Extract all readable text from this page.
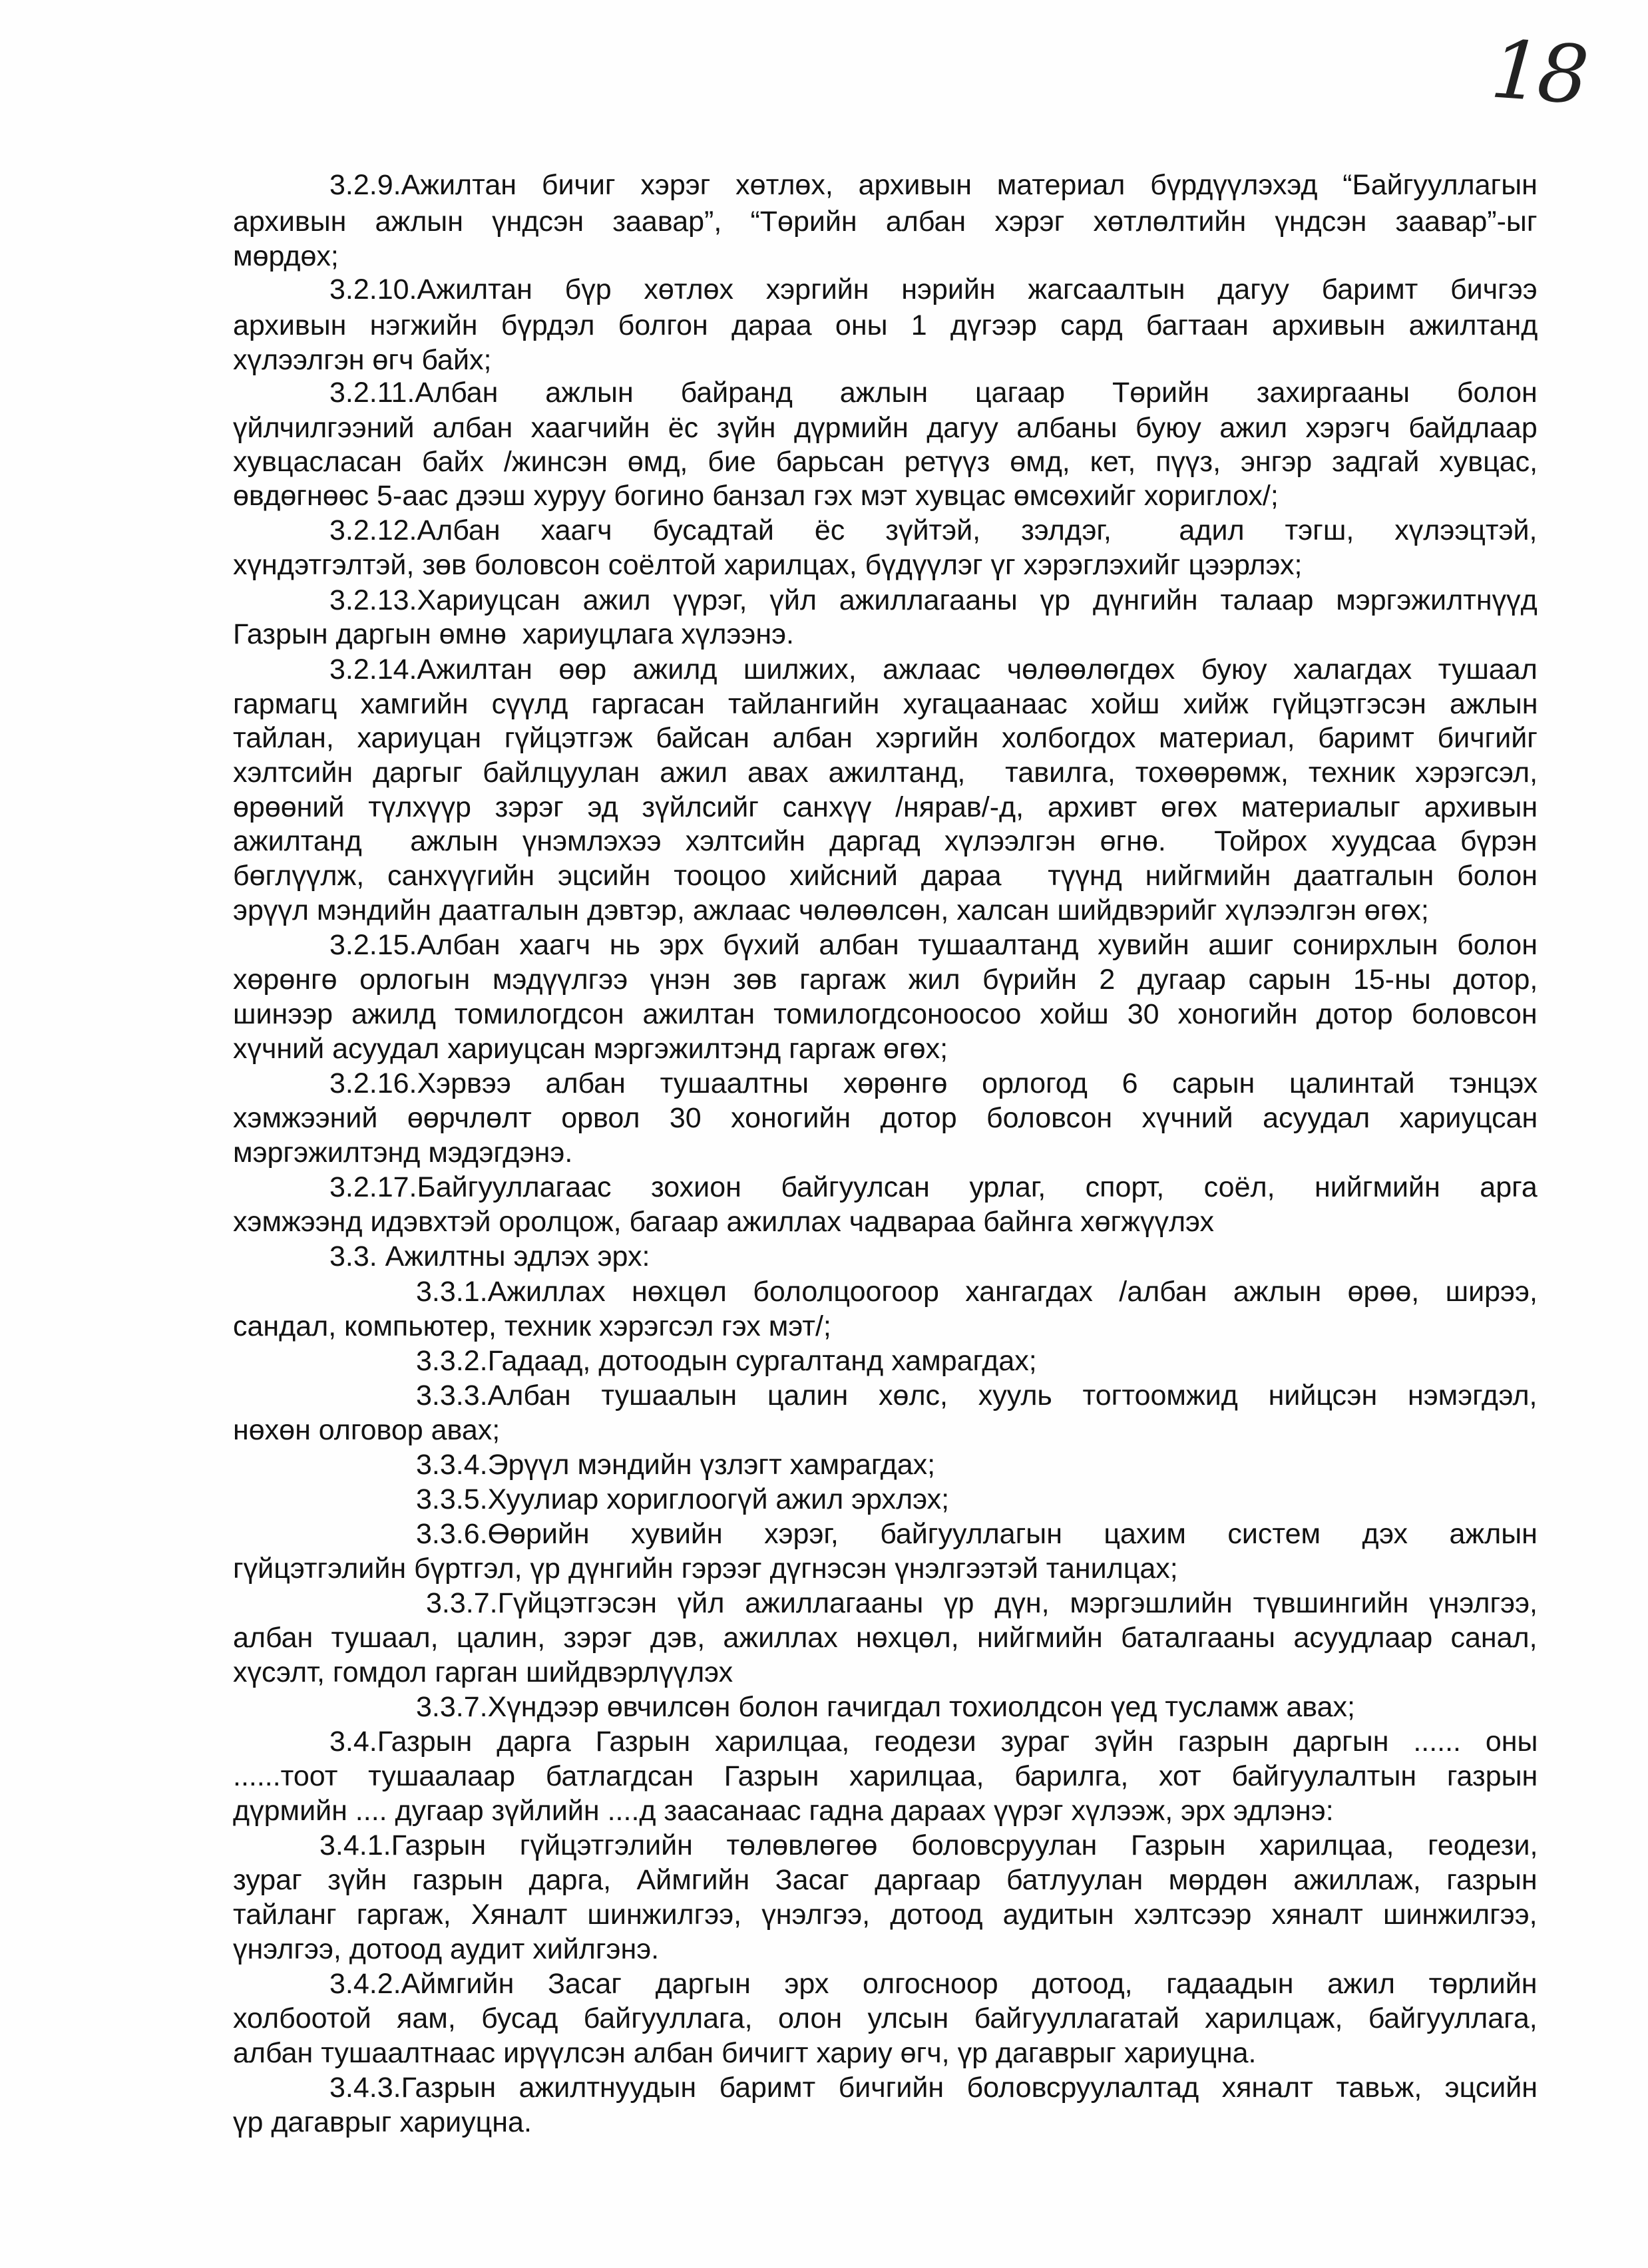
18
3.2.9.Ажилтан бичиг хэрэг хөтлөх, архивын материал бүрдүүлэхэд “Байгууллагын
архивын ажлын үндсэн заавар”, “Төрийн албан хэрэг хөтлөлтийн үндсэн заавар”-ыг
мөрдөх;
3.2.10.Ажилтан бүр хөтлөх хэргийн нэрийн жагсаалтын дагуу баримт бичгээ
архивын нэгжийн бүрдэл болгон дараа оны 1 дүгээр сард багтаан архивын ажилтанд
хүлээлгэн өгч байх;
3.2.11.Албан  ажлын  байранд  ажлын  цагаар  Төрийн  захиргааны  болон
үйлчилгээний албан хаагчийн ёс зүйн дүрмийн дагуу албаны буюу ажил хэрэгч байдлаар
хувцасласан байх /жинсэн өмд, бие барьсан ретүүз өмд, кет, пүүз, энгэр задгай хувцас,
өвдөгнөөс 5-аас дээш хуруу богино банзал гэх мэт хувцас өмсөхийг хориглох/;
3.2.12.Албан   хаагч   бусадтай   ёс   зүйтэй,   зэлдэг,     адил   тэгш,   хүлээцтэй,
хүндэтгэлтэй, зөв боловсон соёлтой харилцах, бүдүүлэг үг хэрэглэхийг цээрлэх;
3.2.13.Хариуцсан ажил үүрэг, үйл ажиллагааны үр дүнгийн талаар мэргэжилтнүүд
Газрын даргын өмнө  хариуцлага хүлээнэ.
3.2.14.Ажилтан өөр ажилд шилжих, ажлаас чөлөөлөгдөх буюу халагдах тушаал
гармагц хамгийн сүүлд гаргасан тайлангийн хугацаанаас хойш хийж гүйцэтгэсэн ажлын
тайлан, хариуцан гүйцэтгэж байсан албан хэргийн холбогдох материал, баримт бичгийг
хэлтсийн даргыг байлцуулан ажил авах ажилтанд,  тавилга, тохөөрөмж, техник хэрэгсэл,
өрөөний түлхүүр зэрэг эд зүйлсийг санхүү /нярав/-д, архивт өгөх материалыг архивын
ажилтанд  ажлын үнэмлэхээ хэлтсийн даргад хүлээлгэн өгнө.  Тойрох хуудсаа бүрэн
бөглүүлж, санхүүгийн эцсийн тооцоо хийсний дараа  түүнд нийгмийн даатгалын болон
эрүүл мэндийн даатгалын дэвтэр, ажлаас чөлөөлсөн, халсан шийдвэрийг хүлээлгэн өгөх;
3.2.15.Албан хаагч нь эрх бүхий албан тушаалтанд хувийн ашиг сонирхлын болон
хөрөнгө орлогын мэдүүлгээ үнэн зөв гаргаж жил бүрийн 2 дугаар сарын 15-ны дотор,
шинээр ажилд томилогдсон ажилтан томилогдсоноосоо хойш 30 хоногийн дотор боловсон
хүчний асуудал хариуцсан мэргэжилтэнд гаргаж өгөх;
3.2.16.Хэрвээ  албан  тушаалтны  хөрөнгө  орлогод  6  сарын  цалинтай  тэнцэх
хэмжээний өөрчлөлт орвол 30 хоногийн дотор боловсон хүчний асуудал хариуцсан
мэргэжилтэнд мэдэгдэнэ.
3.2.17.Байгууллагаас  зохион  байгуулсан  урлаг,  спорт,  соёл,  нийгмийн  арга
хэмжээнд идэвхтэй оролцож, багаар ажиллах чадвараа байнга хөгжүүлэх
3.3. Ажилтны эдлэх эрх:
3.3.1.Ажиллах нөхцөл бололцоогоор хангагдах /албан ажлын өрөө, ширээ,
сандал, компьютер, техник хэрэгсэл гэх мэт/;
3.3.2.Гадаад, дотоодын сургалтанд хамрагдах;
3.3.3.Албан  тушаалын  цалин  хөлс,  хууль  тогтоомжид  нийцсэн  нэмэгдэл,
нөхөн олговор авах;
3.3.4.Эрүүл мэндийн үзлэгт хамрагдах;
3.3.5.Хуулиар хориглоогүй ажил эрхлэх;
3.3.6.Өөрийн   хувийн   хэрэг,   байгууллагын   цахим   систем   дэх   ажлын
гүйцэтгэлийн бүртгэл, үр дүнгийн гэрээг дүгнэсэн үнэлгээтэй танилцах;
3.3.7.Гүйцэтгэсэн үйл ажиллагааны үр дүн, мэргэшлийн түвшингийн үнэлгээ,
албан тушаал, цалин, зэрэг дэв, ажиллах нөхцөл, нийгмийн баталгааны асуудлаар санал,
хүсэлт, гомдол гарган шийдвэрлүүлэх
3.3.7.Хүндээр өвчилсөн болон гачигдал тохиолдсон үед тусламж авах;
3.4.Газрын дарга Газрын харилцаа, геодези зураг зүйн газрын даргын ...... оны
......тоот тушаалаар батлагдсан Газрын харилцаа, барилга, хот байгуулалтын газрын
дүрмийн .... дугаар зүйлийн ....д заасанаас гадна дараах үүрэг хүлээж, эрх эдлэнэ:
3.4.1.Газрын гүйцэтгэлийн төлөвлөгөө боловсруулан Газрын харилцаа, геодези,
зураг зүйн газрын дарга, Аймгийн Засаг даргаар батлуулан мөрдөн ажиллаж, газрын
тайланг гаргаж, Хяналт шинжилгээ, үнэлгээ, дотоод аудитын хэлтсээр хяналт шинжилгээ,
үнэлгээ, дотоод аудит хийлгэнэ.
3.4.2.Аймгийн  Засаг  даргын  эрх  олгосноор  дотоод,  гадаадын  ажил  төрлийн
холбоотой яам, бусад байгууллага, олон улсын байгууллагатай харилцаж, байгууллага,
албан тушаалтнаас ирүүлсэн албан бичигт хариу өгч, үр дагаврыг хариуцна.
3.4.3.Газрын ажилтнуудын баримт бичгийн боловсруулалтад хяналт тавьж, эцсийн
үр дагаврыг хариуцна.
